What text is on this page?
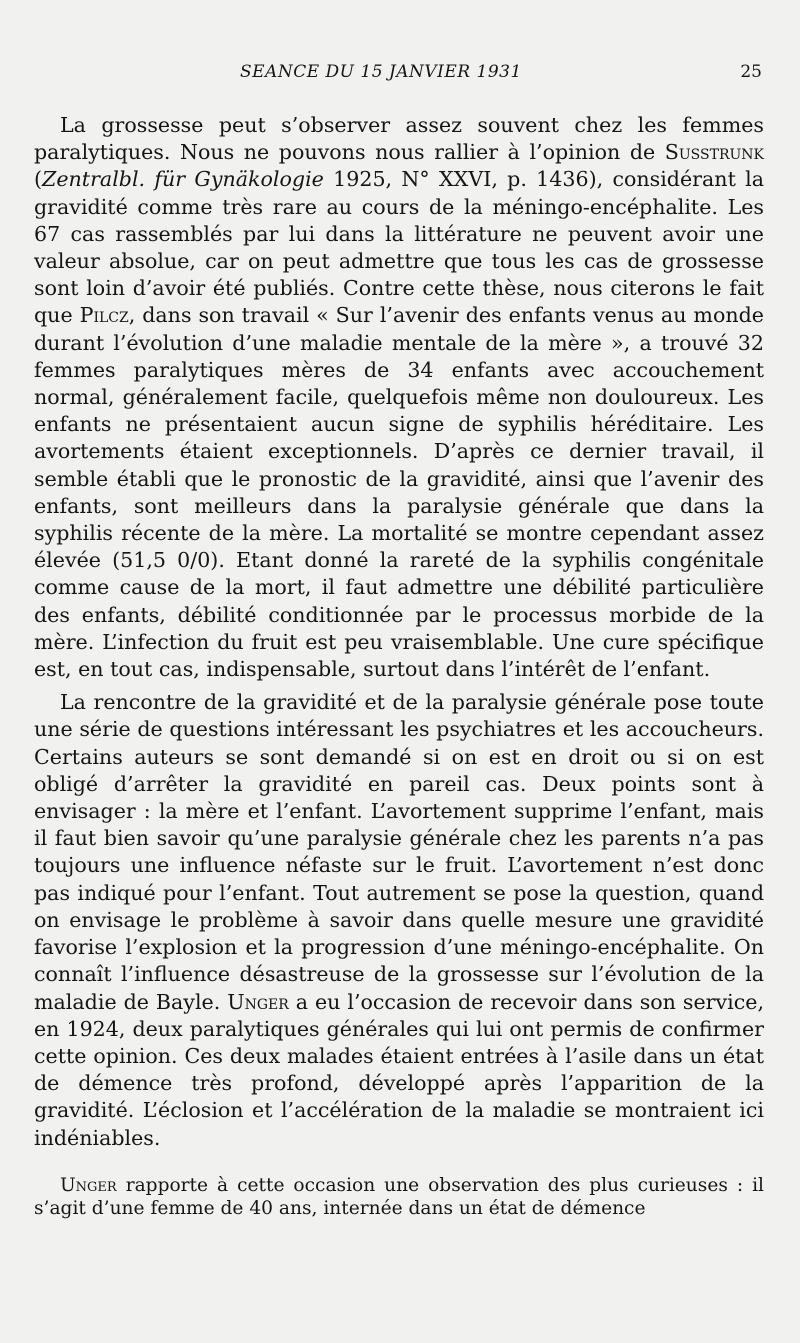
SEANCE DU 15 JANVIER 1931	25

La grossesse peut s’observer assez souvent chez les femmes paralytiques. Nous ne pouvons nous rallier à l’opinion de Susstrunk (Zentralbl. für Gynäkologie 1925, N° XXVI, p. 1436), considérant la gravidité comme très rare au cours de la méningo-encéphalite. Les 67 cas rassemblés par lui dans la littérature ne peuvent avoir une valeur absolue, car on peut admettre que tous les cas de grossesse sont loin d’avoir été publiés. Contre cette thèse, nous citerons le fait que Pilcz, dans son travail « Sur l’avenir des enfants venus au monde durant l’évolution d’une maladie mentale de la mère », a trouvé 32 femmes paralytiques mères de 34 enfants avec accouchement normal, généralement facile, quelquefois même non douloureux. Les enfants ne présentaient aucun signe de syphilis héréditaire. Les avortements étaient exceptionnels. D’après ce dernier travail, il semble établi que le pronostic de la gravidité, ainsi que l’avenir des enfants, sont meilleurs dans la paralysie générale que dans la syphilis récente de la mère. La mortalité se montre cependant assez élevée (51,5 0/0). Etant donné la rareté de la syphilis congénitale comme cause de la mort, il faut admettre une débilité particulière des enfants, débilité conditionnée par le processus morbide de la mère. L’infection du fruit est peu vraisemblable. Une cure spécifique est, en tout cas, indispensable, surtout dans l’intérêt de l’enfant.

La rencontre de la gravidité et de la paralysie générale pose toute une série de questions intéressant les psychiatres et les accoucheurs. Certains auteurs se sont demandé si on est en droit ou si on est obligé d’arrêter la gravidité en pareil cas. Deux points sont à envisager : la mère et l’enfant. L’avortement supprime l’enfant, mais il faut bien savoir qu’une paralysie générale chez les parents n’a pas toujours une influence néfaste sur le fruit. L’avortement n’est donc pas indiqué pour l’enfant. Tout autrement se pose la question, quand on envisage le problème à savoir dans quelle mesure une gravidité favorise l’explosion et la progression d’une méningo-encéphalite. On connaît l’influence désastreuse de la grossesse sur l’évolution de la maladie de Bayle. Unger a eu l’occasion de recevoir dans son service, en 1924, deux paralytiques générales qui lui ont permis de confirmer cette opinion. Ces deux malades étaient entrées à l’asile dans un état de démence très profond, développé après l’apparition de la gravidité. L’éclosion et l’accélération de la maladie se montraient ici indéniables.

Unger rapporte à cette occasion une observation des plus curieuses : il s’agit d’une femme de 40 ans, internée dans un état de démence
